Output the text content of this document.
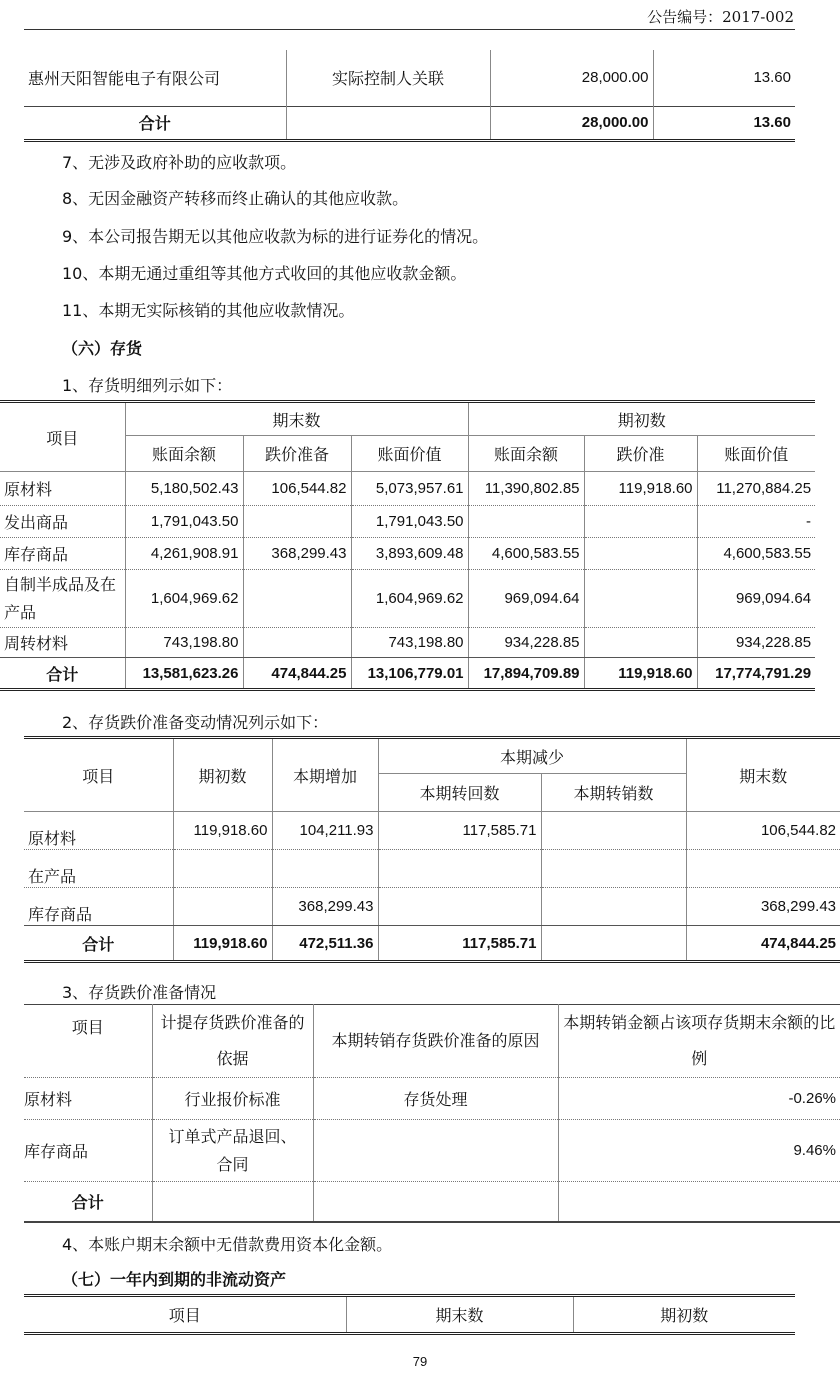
公告编号：2017-002
惠州天阳智能电子有限公司	实际控制人关联	28,000.00	13.60
合计		28,000.00	13.60
7、无涉及政府补助的应收款项。
8、无因金融资产转移而终止确认的其他应收款。
9、本公司报告期无以其他应收款为标的进行证券化的情况。
10、本期无通过重组等其他方式收回的其他应收款金额。
11、本期无实际核销的其他应收款情况。
（六）存货
1、存货明细列示如下：
项目	期末数			期初数		
	账面余额	跌价准备	账面价值	账面余额	跌价准	账面价值
原材料	5,180,502.43	106,544.82	5,073,957.61	11,390,802.85	119,918.60	11,270,884.25
发出商品	1,791,043.50		1,791,043.50			-
库存商品	4,261,908.91	368,299.43	3,893,609.48	4,600,583.55		4,600,583.55
自制半成品及在产品	1,604,969.62		1,604,969.62	969,094.64		969,094.64
周转材料	743,198.80		743,198.80	934,228.85		934,228.85
合计	13,581,623.26	474,844.25	13,106,779.01	17,894,709.89	119,918.60	17,774,791.29
2、存货跌价准备变动情况列示如下：
项目	期初数	本期增加	本期减少		期末数
			本期转回数	本期转销数	
原材料	119,918.60	104,211.93	117,585.71		106,544.82
在产品					
库存商品		368,299.43			368,299.43
合计	119,918.60	472,511.36	117,585.71		474,844.25
3、存货跌价准备情况
项目	计提存货跌价准备的依据	本期转销存货跌价准备的原因	本期转销金额占该项存货期末余额的比例
原材料	行业报价标准	存货处理	-0.26%
库存商品	订单式产品退回、合同		9.46%
合计			
4、本账户期末余额中无借款费用资本化金额。
（七）一年内到期的非流动资产
项目	期末数	期初数
79
